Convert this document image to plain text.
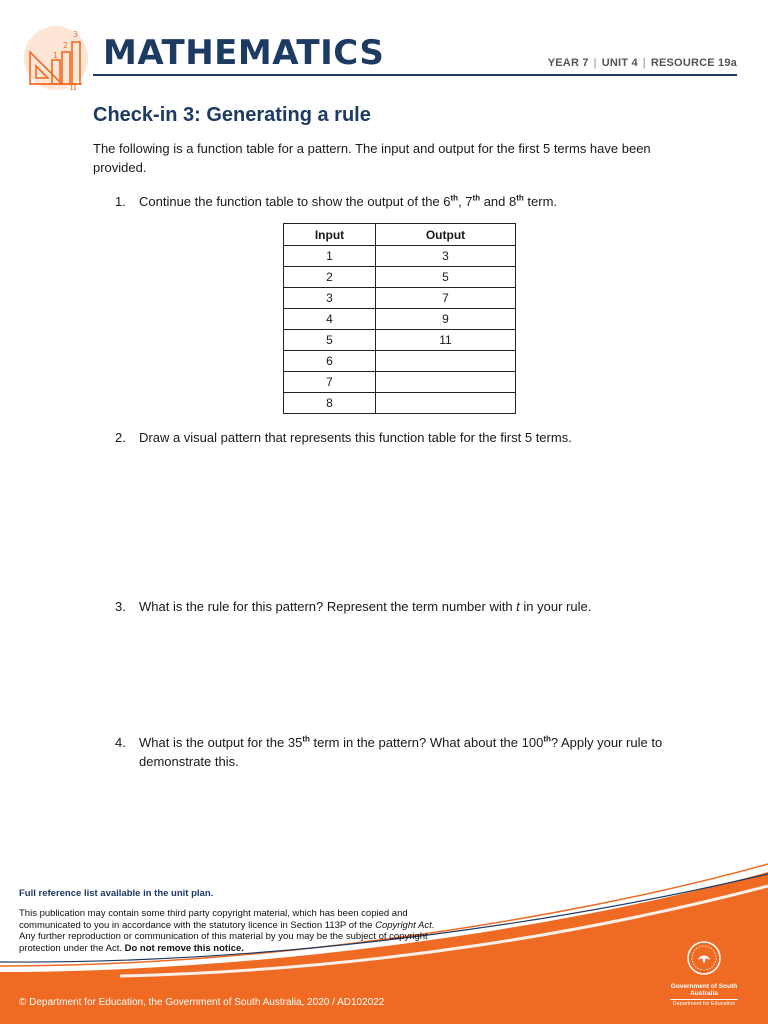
1
2
3
π
MATHEMATICS	YEAR 7 | UNIT 4 | RESOURCE 19a
Check-in 3: Generating a rule

The following is a function table for a pattern. The input and output for the first 5 terms have been provided.

1. Continue the function table to show the output of the 6th, 7th and 8th term.
Input	Output
1	3
2	5
3	7
4	9
5	11
6	
7	
8	
2. Draw a visual pattern that represents this function table for the first 5 terms.
3. What is the rule for this pattern? Represent the term number with t in your rule.
4. What is the output for the 35th term in the pattern? What about the 100th? Apply your rule to demonstrate this.
Full reference list available in the unit plan.
This publication may contain some third party copyright material, which has been copied and communicated to you in accordance with the statutory licence in Section 113P of the Copyright Act. Any further reproduction or communication of this material by you may be the subject of copyright protection under the Act. Do not remove this notice.
Government of South Australia
Department for Education
© Department for Education, the Government of South Australia, 2020 / AD102022
